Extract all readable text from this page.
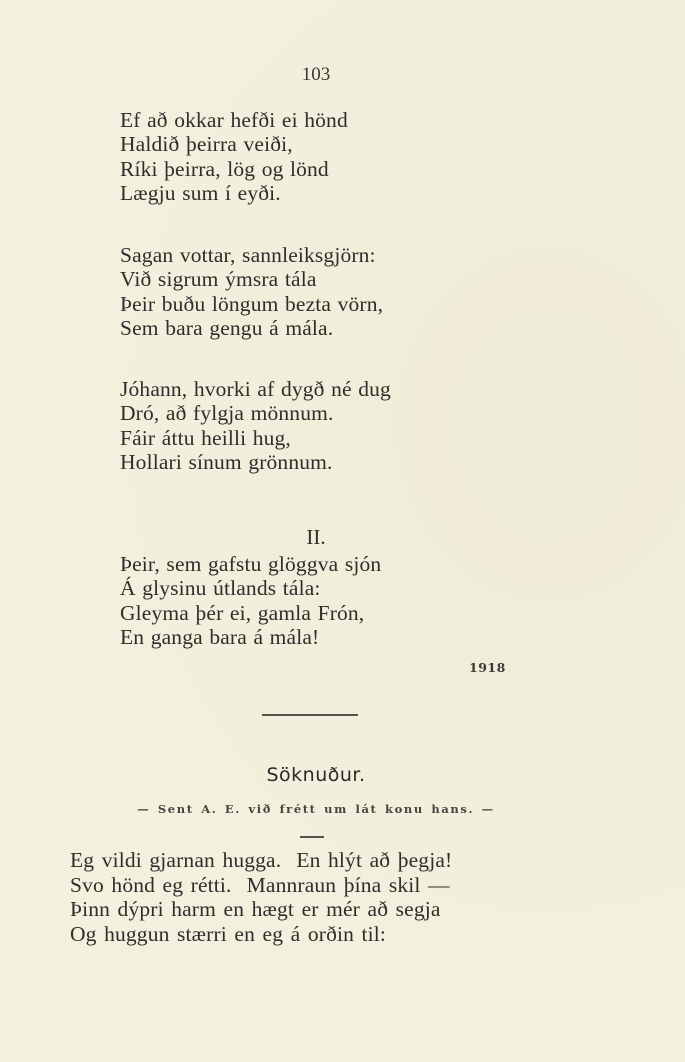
103
Ef að okkar hefði ei hönd
Haldið þeirra veiði,
Ríki þeirra, lög og lönd
Lægju sum í eyði.
Sagan vottar, sannleiksgjörn:
Við sigrum ýmsra tála
Þeir buðu löngum bezta vörn,
Sem bara gengu á mála.
Jóhann, hvorki af dygð né dug
Dró, að fylgja mönnum.
Fáir áttu heilli hug,
Hollari sínum grönnum.
II.
Þeir, sem gafstu glöggva sjón
Á glysinu útlands tála:
Gleyma þér ei, gamla Frón,
En ganga bara á mála!
1918
Söknuður.
— Sent A. E. við frétt um lát konu hans. —
Eg vildi gjarnan hugga.  En hlýt að þegja!
Svo hönd eg rétti.  Mannraun þína skil —
Þinn dýpri harm en hægt er mér að segja
Og huggun stærri en eg á orðin til:
